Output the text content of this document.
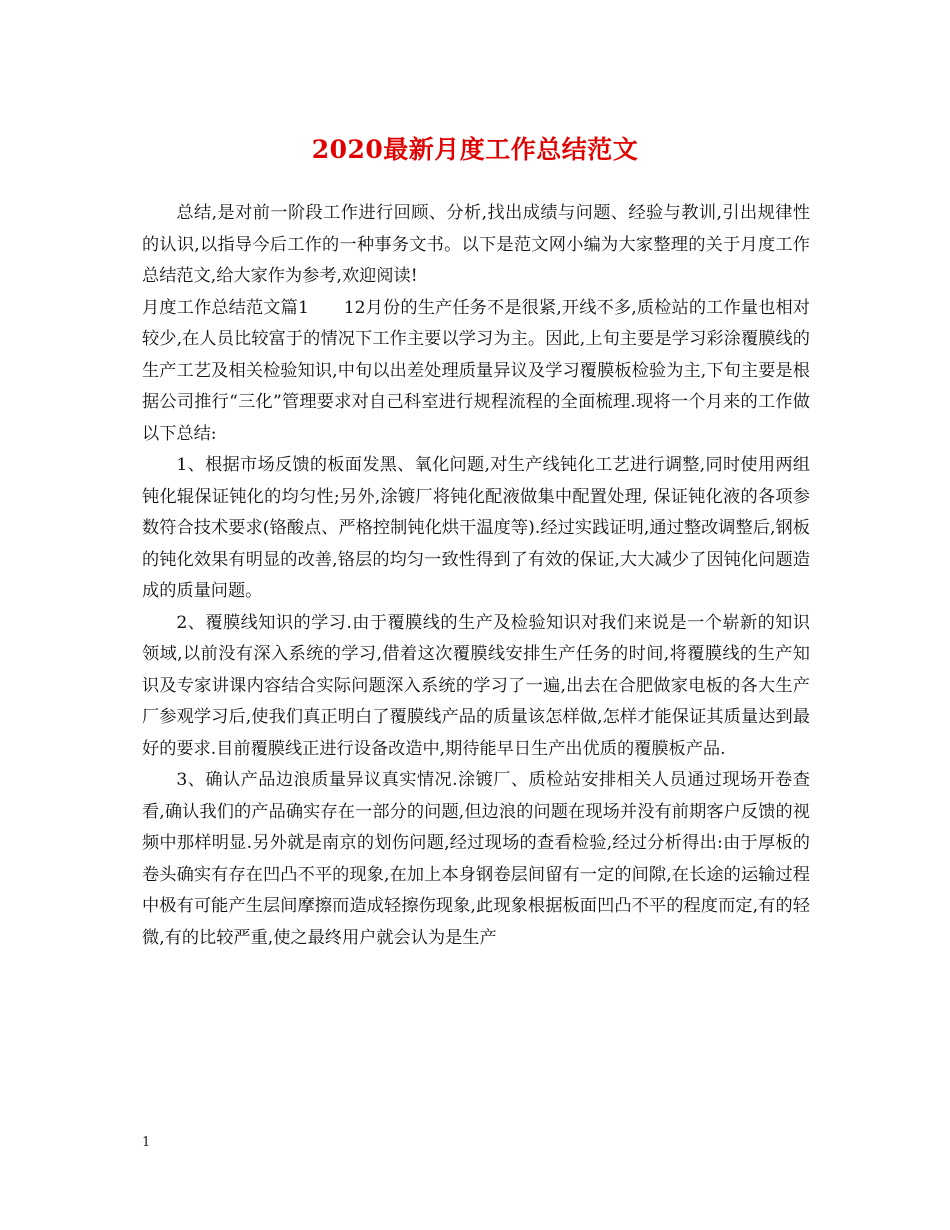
2020最新月度工作总结范文

总结,是对前一阶段工作进行回顾、分析,找出成绩与问题、经验与教训,引出规律性的认识,以指导今后工作的一种事务文书。以下是范文网小编为大家整理的关于月度工作总结范文,给大家作为参考,欢迎阅读!

月度工作总结范文篇1　　12月份的生产任务不是很紧,开线不多,质检站的工作量也相对较少,在人员比较富于的情况下工作主要以学习为主。因此,上旬主要是学习彩涂覆膜线的生产工艺及相关检验知识,中旬以出差处理质量异议及学习覆膜板检验为主,下旬主要是根据公司推行“三化”管理要求对自己科室进行规程流程的全面梳理.现将一个月来的工作做以下总结:

1、根据市场反馈的板面发黑、氧化问题,对生产线钝化工艺进行调整,同时使用两组钝化辊保证钝化的均匀性;另外,涂镀厂将钝化配液做集中配置处理, 保证钝化液的各项参数符合技术要求(铬酸点、严格控制钝化烘干温度等).经过实践证明,通过整改调整后,钢板的钝化效果有明显的改善,铬层的均匀一致性得到了有效的保证,大大减少了因钝化问题造成的质量问题。

2、覆膜线知识的学习.由于覆膜线的生产及检验知识对我们来说是一个崭新的知识领域,以前没有深入系统的学习,借着这次覆膜线安排生产任务的时间,将覆膜线的生产知识及专家讲课内容结合实际问题深入系统的学习了一遍,出去在合肥做家电板的各大生产厂参观学习后,使我们真正明白了覆膜线产品的质量该怎样做,怎样才能保证其质量达到最好的要求.目前覆膜线正进行设备改造中,期待能早日生产出优质的覆膜板产品.

3、确认产品边浪质量异议真实情况.涂镀厂、质检站安排相关人员通过现场开卷查看,确认我们的产品确实存在一部分的问题,但边浪的问题在现场并没有前期客户反馈的视频中那样明显.另外就是南京的划伤问题,经过现场的查看检验,经过分析得出:由于厚板的卷头确实有存在凹凸不平的现象,在加上本身钢卷层间留有一定的间隙,在长途的运输过程中极有可能产生层间摩擦而造成轻擦伤现象,此现象根据板面凹凸不平的程度而定,有的轻微,有的比较严重,使之最终用户就会认为是生产

1
